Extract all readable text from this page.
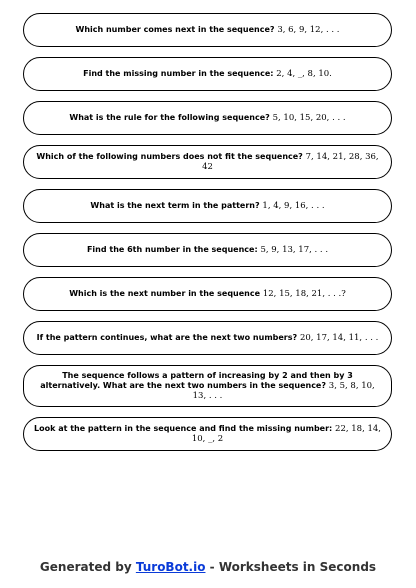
Which number comes next in the sequence? 3, 6, 9, 12, . . .
Find the missing number in the sequence: 2, 4, _, 8, 10.
What is the rule for the following sequence? 5, 10, 15, 20, . . .
Which of the following numbers does not fit the sequence? 7, 14, 21, 28, 36, 42
What is the next term in the pattern? 1, 4, 9, 16, . . .
Find the 6th number in the sequence: 5, 9, 13, 17, . . .
Which is the next number in the sequence 12, 15, 18, 21, . . .?
If the pattern continues, what are the next two numbers? 20, 17, 14, 11, . . .
The sequence follows a pattern of increasing by 2 and then by 3 alternatively. What are the next two numbers in the sequence? 3, 5, 8, 10, 13, . . .
Look at the pattern in the sequence and find the missing number: 22, 18, 14, 10, _, 2
Generated by TuroBot.io - Worksheets in Seconds
